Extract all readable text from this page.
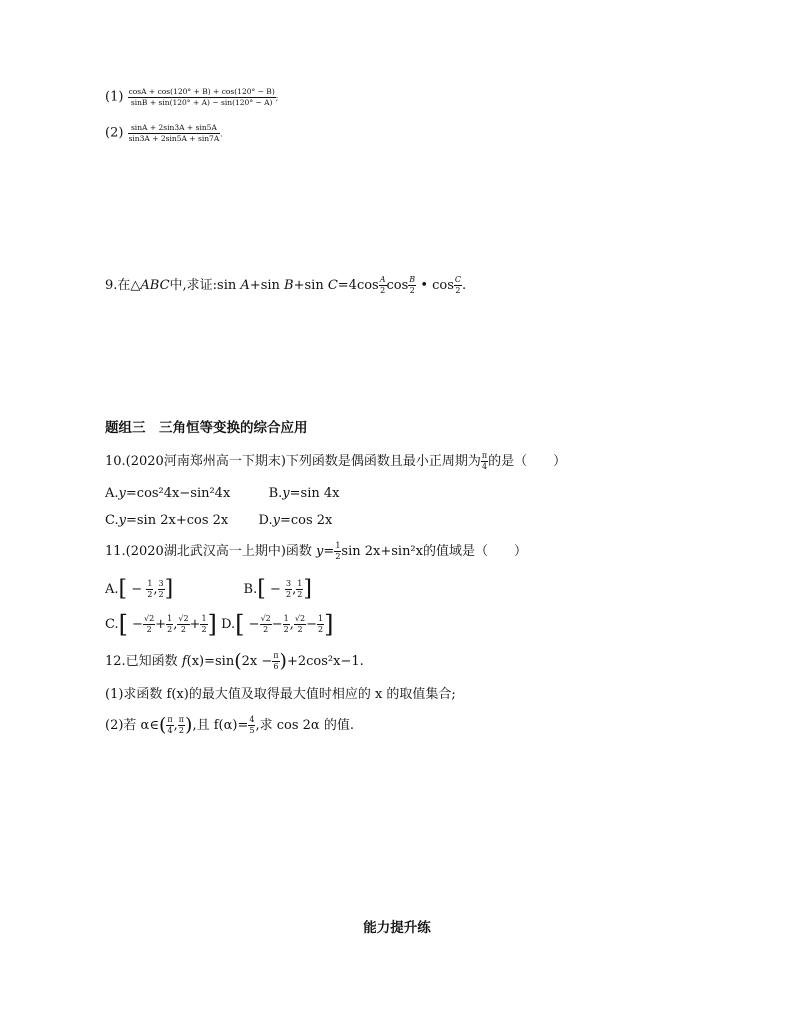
$(1) \frac{\cos A + \cos(120^\circ + B) + \cos(120^\circ - B)}{\sin B + \sin(120^\circ + A) - \sin(120^\circ - A)}$ ;
$(2) \frac{\sin A + 2\sin 3A + \sin 5A}{\sin 3A + 2\sin 5A + \sin 7A}$ .
9.在△ABC中,求证:sin A+sin B+sin $C=4\cos \frac{A}{2}$ $\cos \frac{B}{2}$ • $\cos \frac{C}{2}$ .
题组三　三角恒等变换的综合应用
10.(2020河南郑州高一下期末)下列函数是偶函数且最小正周期为 $\frac{\pi}{4}$ 的是（　　）
A.y=cos²4x−sin²4x	B.y=sin 4x
C.y=sin 2x+cos 2x D.y=cos 2x
11.(2020湖北武汉高一上期中)函数 $y= \frac{1}{2}$ sin 2x+sin²x的值域是（　　）
$A.[ - \frac{1}{2}$ , $\frac{3}{2}$ ]	$B.[ - \frac{3}{2}$ , $\frac{1}{2}$ ]
$C.[ - \frac{√2}{2} + \frac{1}{2}$ , $\frac{√2}{2} + \frac{1}{2}$ ] $D.[ - \frac{√2}{2} - \frac{1}{2}$ , $\frac{√2}{2} - \frac{1}{2}$ ]
12.已知函数 $f(x)=\sin(2x - \frac{\pi}{6} )+2\cos^2x-1$.
(1)求函数 f(x)的最大值及取得最大值时相应的 x 的取值集合;
(2)若 α∈( $\frac{\pi}{4}$ , $\frac{\pi}{2}$ ),且 $f(\alpha)= \frac{4}{5}$ ,求 cos 2α 的值.
能力提升练
